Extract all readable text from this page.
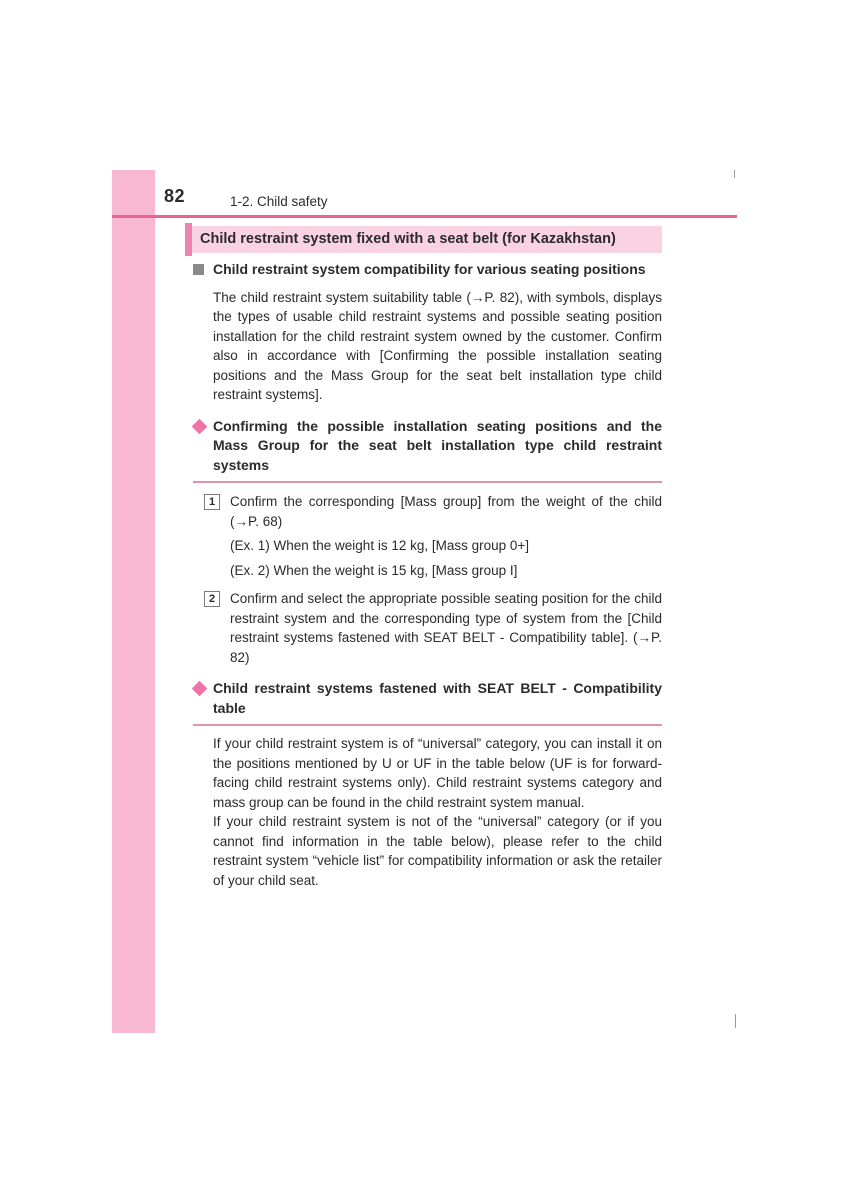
82	1-2. Child safety
Child restraint system fixed with a seat belt (for Kazakhstan)
Child restraint system compatibility for various seating positions
The child restraint system suitability table (→P. 82), with symbols, displays the types of usable child restraint systems and possible seating position installation for the child restraint system owned by the customer. Confirm also in accordance with [Confirming the possible installation seating positions and the Mass Group for the seat belt installation type child restraint systems].
Confirming the possible installation seating positions and the Mass Group for the seat belt installation type child restraint systems
1	Confirm the corresponding [Mass group] from the weight of the child (→P. 68)
(Ex. 1) When the weight is 12 kg, [Mass group 0+]
(Ex. 2) When the weight is 15 kg, [Mass group I]
2	Confirm and select the appropriate possible seating position for the child restraint system and the corresponding type of system from the [Child restraint systems fastened with SEAT BELT - Compatibility table]. (→P. 82)
Child restraint systems fastened with SEAT BELT - Compatibility table
If your child restraint system is of “universal” category, you can install it on the positions mentioned by U or UF in the table below (UF is for forward-facing child restraint systems only). Child restraint systems category and mass group can be found in the child restraint system manual.
If your child restraint system is not of the “universal” category (or if you cannot find information in the table below), please refer to the child restraint system “vehicle list” for compatibility information or ask the retailer of your child seat.
